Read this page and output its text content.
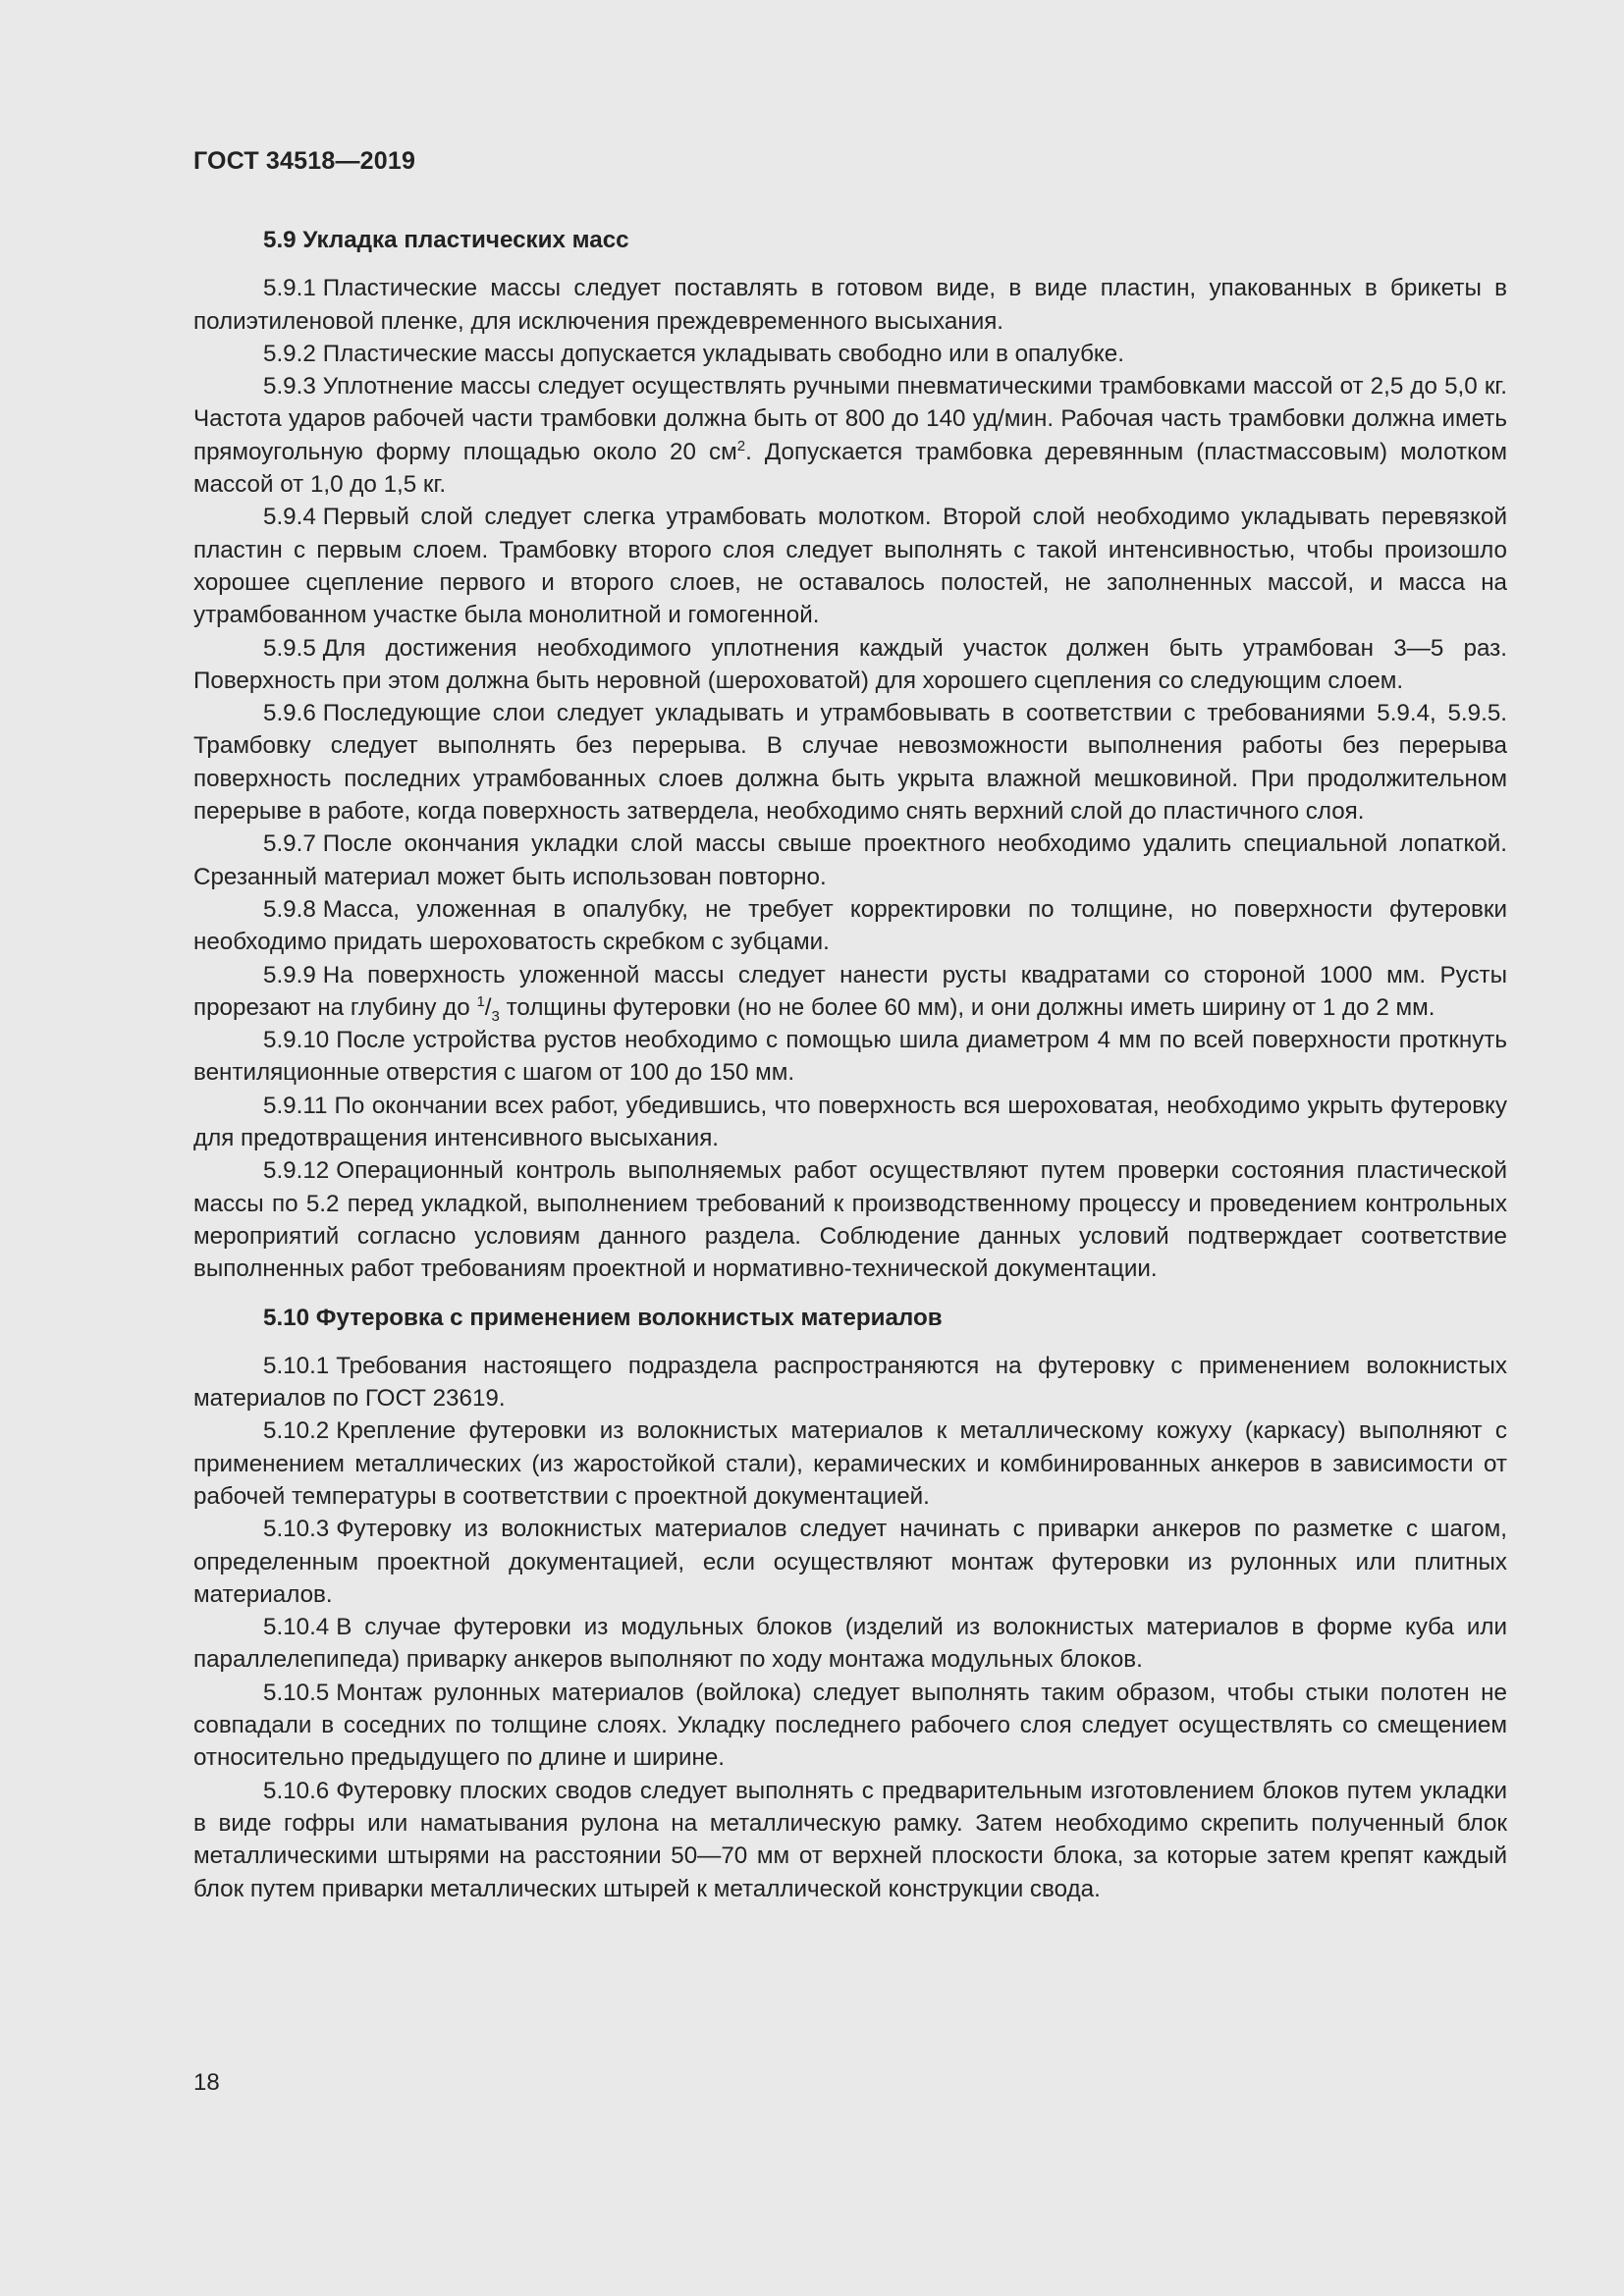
ГОСТ 34518—2019
5.9 Укладка пластических масс

5.9.1 Пластические массы следует поставлять в готовом виде, в виде пластин, упакованных в брикеты в полиэтиленовой пленке, для исключения преждевременного высыхания.

5.9.2 Пластические массы допускается укладывать свободно или в опалубке.

5.9.3 Уплотнение массы следует осуществлять ручными пневматическими трамбовками массой от 2,5 до 5,0 кг. Частота ударов рабочей части трамбовки должна быть от 800 до 140 уд/мин. Рабочая часть трамбовки должна иметь прямоугольную форму площадью около 20 $см^2$. Допускается трамбовка деревянным (пластмассовым) молотком массой от 1,0 до 1,5 кг.

5.9.4 Первый слой следует слегка утрамбовать молотком. Второй слой необходимо укладывать перевязкой пластин с первым слоем. Трамбовку второго слоя следует выполнять с такой интенсивностью, чтобы произошло хорошее сцепление первого и второго слоев, не оставалось полостей, не заполненных массой, и масса на утрамбованном участке была монолитной и гомогенной.

5.9.5 Для достижения необходимого уплотнения каждый участок должен быть утрамбован 3—5 раз. Поверхность при этом должна быть неровной (шероховатой) для хорошего сцепления со следующим слоем.

5.9.6 Последующие слои следует укладывать и утрамбовывать в соответствии с требованиями 5.9.4, 5.9.5. Трамбовку следует выполнять без перерыва. В случае невозможности выполнения работы без перерыва поверхность последних утрамбованных слоев должна быть укрыта влажной мешковиной. При продолжительном перерыве в работе, когда поверхность затвердела, необходимо снять верхний слой до пластичного слоя.

5.9.7 После окончания укладки слой массы свыше проектного необходимо удалить специальной лопаткой. Срезанный материал может быть использован повторно.

5.9.8 Масса, уложенная в опалубку, не требует корректировки по толщине, но поверхности футеровки необходимо придать шероховатость скребком с зубцами.

5.9.9 На поверхность уложенной массы следует нанести русты квадратами со стороной 1000 мм. Русты прорезают на глубину до $^1/_3$ толщины футеровки (но не более 60 мм), и они должны иметь ширину от 1 до 2 мм.

5.9.10 После устройства рустов необходимо с помощью шила диаметром 4 мм по всей поверхности проткнуть вентиляционные отверстия с шагом от 100 до 150 мм.

5.9.11 По окончании всех работ, убедившись, что поверхность вся шероховатая, необходимо укрыть футеровку для предотвращения интенсивного высыхания.

5.9.12 Операционный контроль выполняемых работ осуществляют путем проверки состояния пластической массы по 5.2 перед укладкой, выполнением требований к производственному процессу и проведением контрольных мероприятий согласно условиям данного раздела. Соблюдение данных условий подтверждает соответствие выполненных работ требованиям проектной и нормативно-технической документации.

5.10 Футеровка с применением волокнистых материалов

5.10.1 Требования настоящего подраздела распространяются на футеровку с применением волокнистых материалов по ГОСТ 23619.

5.10.2 Крепление футеровки из волокнистых материалов к металлическому кожуху (каркасу) выполняют с применением металлических (из жаростойкой стали), керамических и комбинированных анкеров в зависимости от рабочей температуры в соответствии с проектной документацией.

5.10.3 Футеровку из волокнистых материалов следует начинать с приварки анкеров по разметке с шагом, определенным проектной документацией, если осуществляют монтаж футеровки из рулонных или плитных материалов.

5.10.4 В случае футеровки из модульных блоков (изделий из волокнистых материалов в форме куба или параллелепипеда) приварку анкеров выполняют по ходу монтажа модульных блоков.

5.10.5 Монтаж рулонных материалов (войлока) следует выполнять таким образом, чтобы стыки полотен не совпадали в соседних по толщине слоях. Укладку последнего рабочего слоя следует осуществлять со смещением относительно предыдущего по длине и ширине.

5.10.6 Футеровку плоских сводов следует выполнять с предварительным изготовлением блоков путем укладки в виде гофры или наматывания рулона на металлическую рамку. Затем необходимо скрепить полученный блок металлическими штырями на расстоянии 50—70 мм от верхней плоскости блока, за которые затем крепят каждый блок путем приварки металлических штырей к металлической конструкции свода.

18
